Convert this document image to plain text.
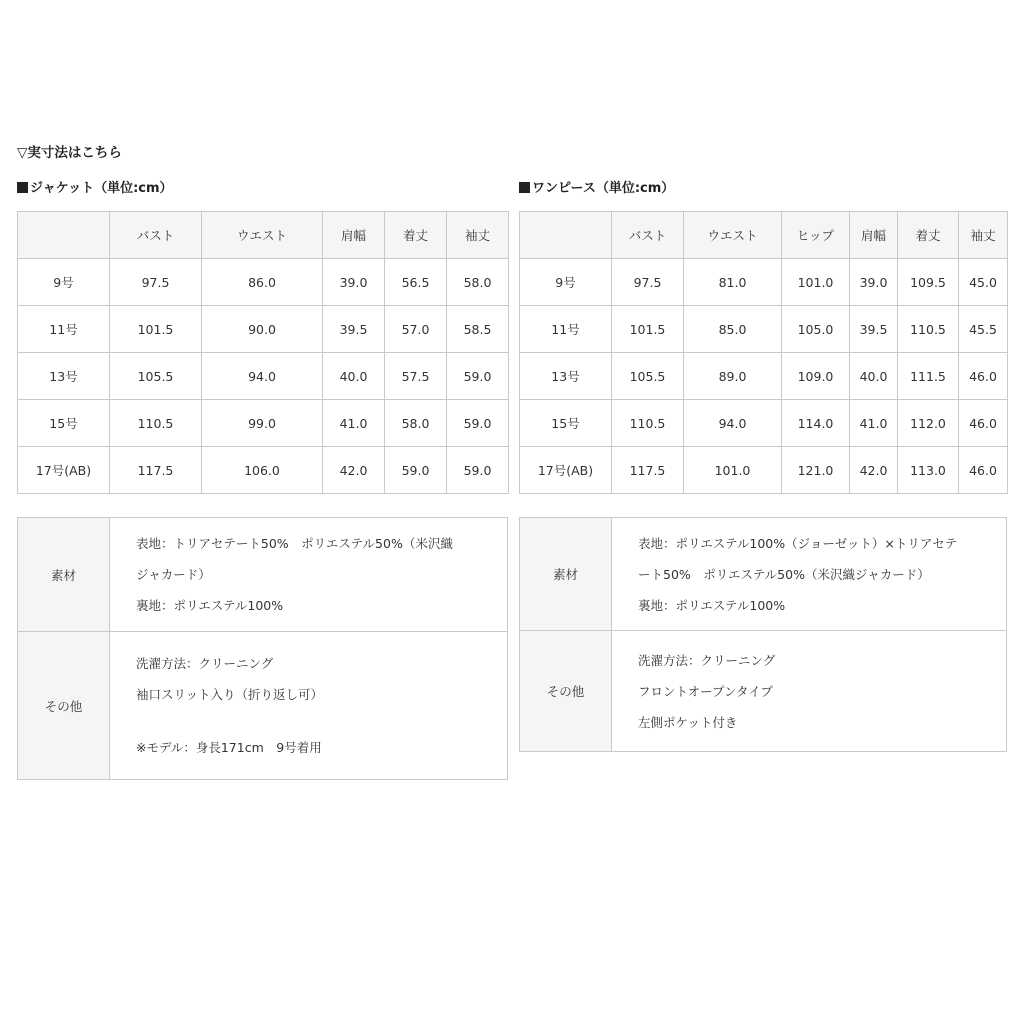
▽実寸法はこちら
ジャケット（単位:cm）
	バスト	ウエスト	肩幅	着丈	袖丈
9号	97.5	86.0	39.0	56.5	58.0
11号	101.5	90.0	39.5	57.0	58.5
13号	105.5	94.0	40.0	57.5	59.0
15号	110.5	99.0	41.0	58.0	59.0
17号(AB)	117.5	106.0	42.0	59.0	59.0
素材	表地：トリアセテート50%　ポリエステル50%（米沢織
ジャカード）
裏地：ポリエステル100%

その他	洗濯方法：クリーニング
袖口スリット入り（折り返し可）
※モデル：身長171cm　9号着用
ワンピース（単位:cm）
	バスト	ウエスト	ヒップ	肩幅	着丈	袖丈
9号	97.5	81.0	101.0	39.0	109.5	45.0
11号	101.5	85.0	105.0	39.5	110.5	45.5
13号	105.5	89.0	109.0	40.0	111.5	46.0
15号	110.5	94.0	114.0	41.0	112.0	46.0
17号(AB)	117.5	101.0	121.0	42.0	113.0	46.0
素材	表地：ポリエステル100%（ジョーゼット）×トリアセテ
ート50%　ポリエステル50%（米沢織ジャカード）
裏地：ポリエステル100%

その他	洗濯方法：クリーニング
フロントオープンタイプ
左側ポケット付き
